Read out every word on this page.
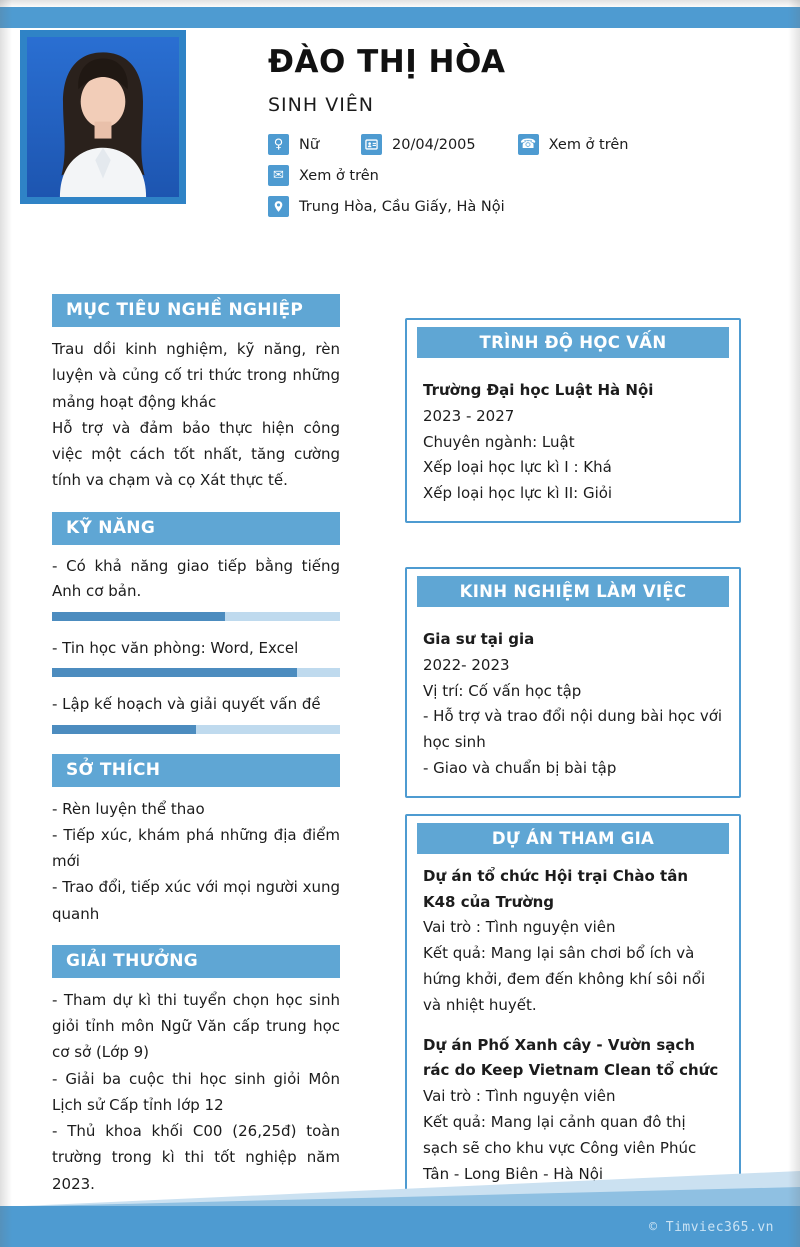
ĐÀO THỊ HÒA
SINH VIÊN
♀	Nữ	20/04/2005	☎ Xem ở trên
✉	Xem ở trên
Trung Hòa, Cầu Giấy, Hà Nội
MỤC TIÊU NGHỀ NGHIỆP

Trau dồi kinh nghiệm, kỹ năng, rèn luyện và củng cố tri thức trong những mảng hoạt động khác

Hỗ trợ và đảm bảo thực hiện công việc một cách tốt nhất, tăng cường tính va chạm và cọ Xát thực tế.

KỸ NĂNG
- Có khả năng giao tiếp bằng tiếng Anh cơ bản.
- Tin học văn phòng: Word, Excel
- Lập kế hoạch và giải quyết vấn đề
SỞ THÍCH
- Rèn luyện thể thao
- Tiếp xúc, khám phá những địa điểm mới
- Trao đổi, tiếp xúc với mọi người xung quanh
GIẢI THƯỞNG
- Tham dự kì thi tuyển chọn học sinh giỏi tỉnh môn Ngữ Văn cấp trung học cơ sở (Lớp 9)
- Giải ba cuộc thi học sinh giỏi Môn Lịch sử Cấp tỉnh lớp 12
- Thủ khoa khối C00 (26,25đ) toàn trường trong kì thi tốt nghiệp năm 2023.
TRÌNH ĐỘ HỌC VẤN

Trường Đại học Luật Hà Nội

2023 - 2027

Chuyên ngành: Luật

Xếp loại học lực kì I : Khá

Xếp loại học lực kì II: Giỏi

KINH NGHIỆM LÀM VIỆC

Gia sư tại gia

2022- 2023

Vị trí: Cố vấn học tập

- Hỗ trợ và trao đổi nội dung bài học với học sinh

- Giao và chuẩn bị bài tập

DỰ ÁN THAM GIA

Dự án tổ chức Hội trại Chào tân K48 của Trường

Vai trò : Tình nguyện viên

Kết quả: Mang lại sân chơi bổ ích và hứng khởi, đem đến không khí sôi nổi và nhiệt huyết.

Dự án Phố Xanh cây - Vườn sạch rác do Keep Vietnam Clean tổ chức

Vai trò : Tình nguyện viên

Kết quả: Mang lại cảnh quan đô thị sạch sẽ cho khu vực Công viên Phúc Tân - Long Biên - Hà Nội

© Timviec365.vn
